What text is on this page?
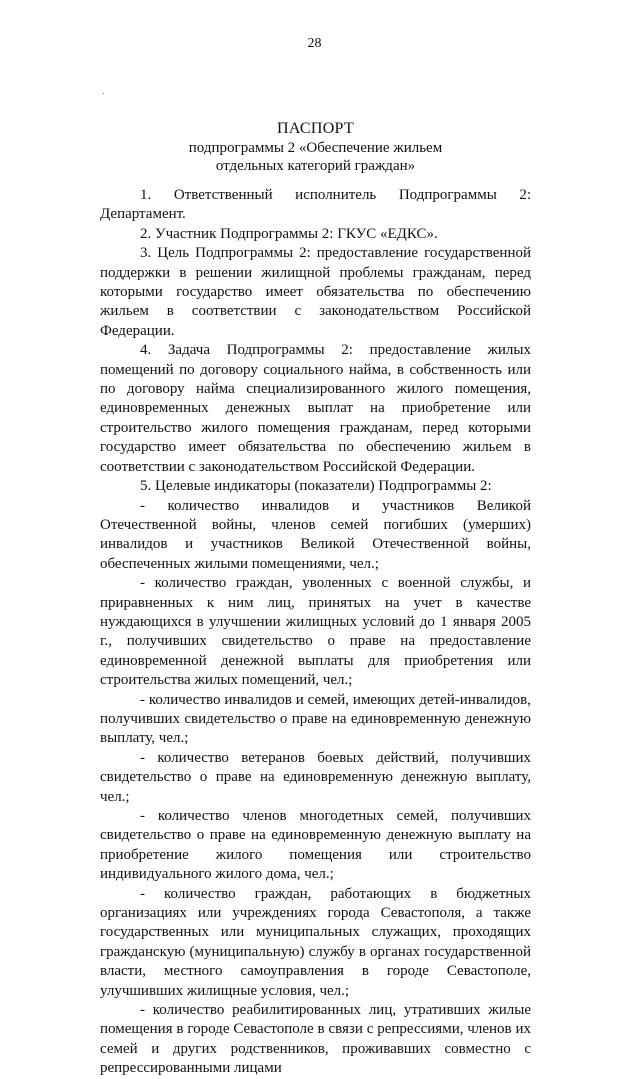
28
ПАСПОРТ
подпрограммы 2 «Обеспечение жильем
отдельных категорий граждан»

1. Ответственный исполнитель Подпрограммы 2: Департамент.

2. Участник Подпрограммы 2: ГКУС «ЕДКС».

3. Цель Подпрограммы 2: предоставление государственной поддержки в решении жилищной проблемы гражданам, перед которыми государство имеет обязательства по обеспечению жильем в соответствии с законодательством Российской Федерации.

4. Задача Подпрограммы 2: предоставление жилых помещений по договору социального найма, в собственность или по договору найма специализированного жилого помещения, единовременных денежных выплат на приобретение или строительство жилого помещения гражданам, перед которыми государство имеет обязательства по обеспечению жильем в соответствии с законодательством Российской Федерации.

5. Целевые индикаторы (показатели) Подпрограммы 2:

- количество инвалидов и участников Великой Отечественной войны, членов семей погибших (умерших) инвалидов и участников Великой Отечественной войны, обеспеченных жилыми помещениями, чел.;

- количество граждан, уволенных с военной службы, и приравненных к ним лиц, принятых на учет в качестве нуждающихся в улучшении жилищных условий до 1 января 2005 г., получивших свидетельство о праве на предоставление единовременной денежной выплаты для приобретения или строительства жилых помещений, чел.;

- количество инвалидов и семей, имеющих детей-инвалидов, получивших свидетельство о праве на единовременную денежную выплату, чел.;

- количество ветеранов боевых действий, получивших свидетельство о праве на единовременную денежную выплату, чел.;

- количество членов многодетных семей, получивших свидетельство о праве на единовременную денежную выплату на приобретение жилого помещения или строительство индивидуального жилого дома, чел.;

- количество граждан, работающих в бюджетных организациях или учреждениях города Севастополя, а также государственных или муниципальных служащих, проходящих гражданскую (муниципальную) службу в органах государственной власти, местного самоуправления в городе Севастополе, улучшивших жилищные условия, чел.;

- количество реабилитированных лиц, утративших жилые помещения в городе Севастополе в связи с репрессиями, членов их семей и других родственников, проживавших совместно с репрессированными лицами
